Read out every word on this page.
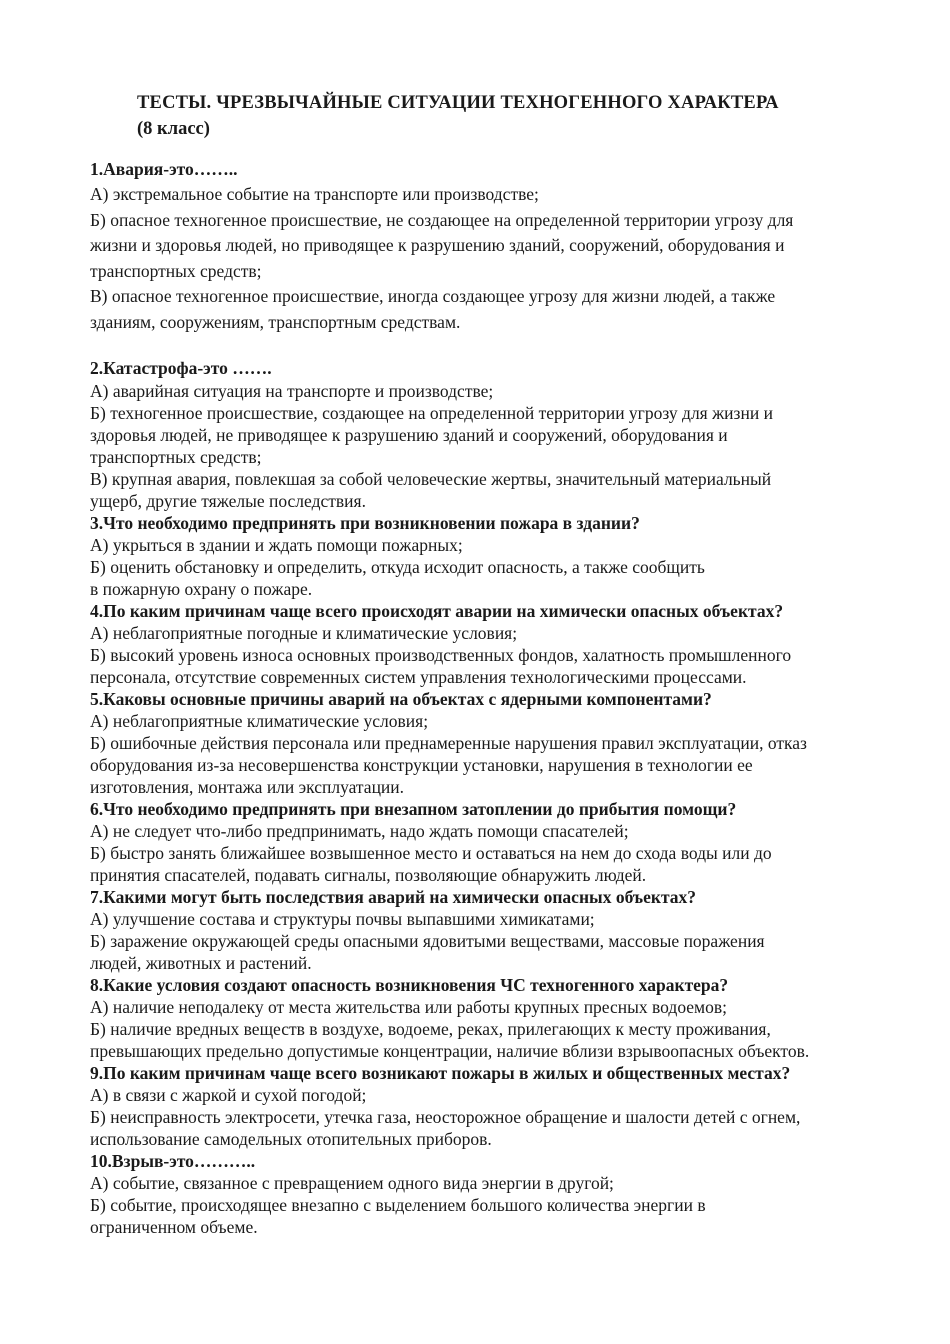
ТЕСТЫ. ЧРЕЗВЫЧАЙНЫЕ СИТУАЦИИ ТЕХНОГЕННОГО ХАРАКТЕРА

(8 класс)

1.Авария-это……..

А) экстремальное событие на транспорте или производстве;

Б) опасное техногенное происшествие, не создающее на определенной территории угрозу для

жизни и здоровья людей, но приводящее к разрушению зданий, сооружений, оборудования и

транспортных средств;

В) опасное техногенное происшествие, иногда создающее угрозу для жизни людей, а также

зданиям, сооружениям, транспортным средствам.

2.Катастрофа-это …….

А) аварийная ситуация на транспорте и производстве;

Б) техногенное происшествие, создающее на определенной территории угрозу для жизни и

здоровья людей, не приводящее к разрушению зданий и сооружений, оборудования и

транспортных средств;

В) крупная авария, повлекшая за собой человеческие жертвы, значительный материальный

ущерб, другие тяжелые последствия.

3.Что необходимо предпринять при возникновении пожара в здании?

А) укрыться в здании и ждать помощи пожарных;

Б) оценить обстановку и определить, откуда исходит опасность, а также сообщить

в пожарную охрану о пожаре.

4.По каким причинам чаще всего происходят аварии на химически опасных объектах?

А) неблагоприятные погодные и климатические условия;

Б) высокий уровень износа основных производственных фондов, халатность промышленного

персонала, отсутствие современных систем управления технологическими процессами.

5.Каковы основные причины аварий на объектах с ядерными компонентами?

А) неблагоприятные климатические условия;

Б) ошибочные действия персонала или преднамеренные нарушения правил эксплуатации, отказ

оборудования из-за несовершенства конструкции установки, нарушения в технологии ее

изготовления, монтажа или эксплуатации.

6.Что необходимо предпринять при внезапном затоплении до прибытия помощи?

А) не следует что-либо предпринимать, надо ждать помощи спасателей;

Б) быстро занять ближайшее возвышенное место и оставаться на нем до схода воды или до

принятия спасателей, подавать сигналы, позволяющие обнаружить людей.

7.Какими могут быть последствия аварий на химически опасных объектах?

А) улучшение состава и структуры почвы выпавшими химикатами;

Б) заражение окружающей среды опасными ядовитыми веществами, массовые поражения

людей, животных и растений.

8.Какие условия создают опасность возникновения ЧС техногенного характера?

А) наличие неподалеку от места жительства или работы крупных пресных водоемов;

Б) наличие вредных веществ в воздухе, водоеме, реках, прилегающих к месту проживания,

превышающих предельно допустимые концентрации, наличие вблизи взрывоопасных объектов.

9.По каким причинам чаще всего возникают пожары в жилых и общественных местах?

А) в связи с жаркой и сухой погодой;

Б) неисправность электросети, утечка газа, неосторожное обращение и шалости детей с огнем,

использование самодельных отопительных приборов.

10.Взрыв-это………..

А) событие, связанное с превращением одного вида энергии в другой;

Б) событие, происходящее внезапно с выделением большого количества энергии в

ограниченном объеме.
